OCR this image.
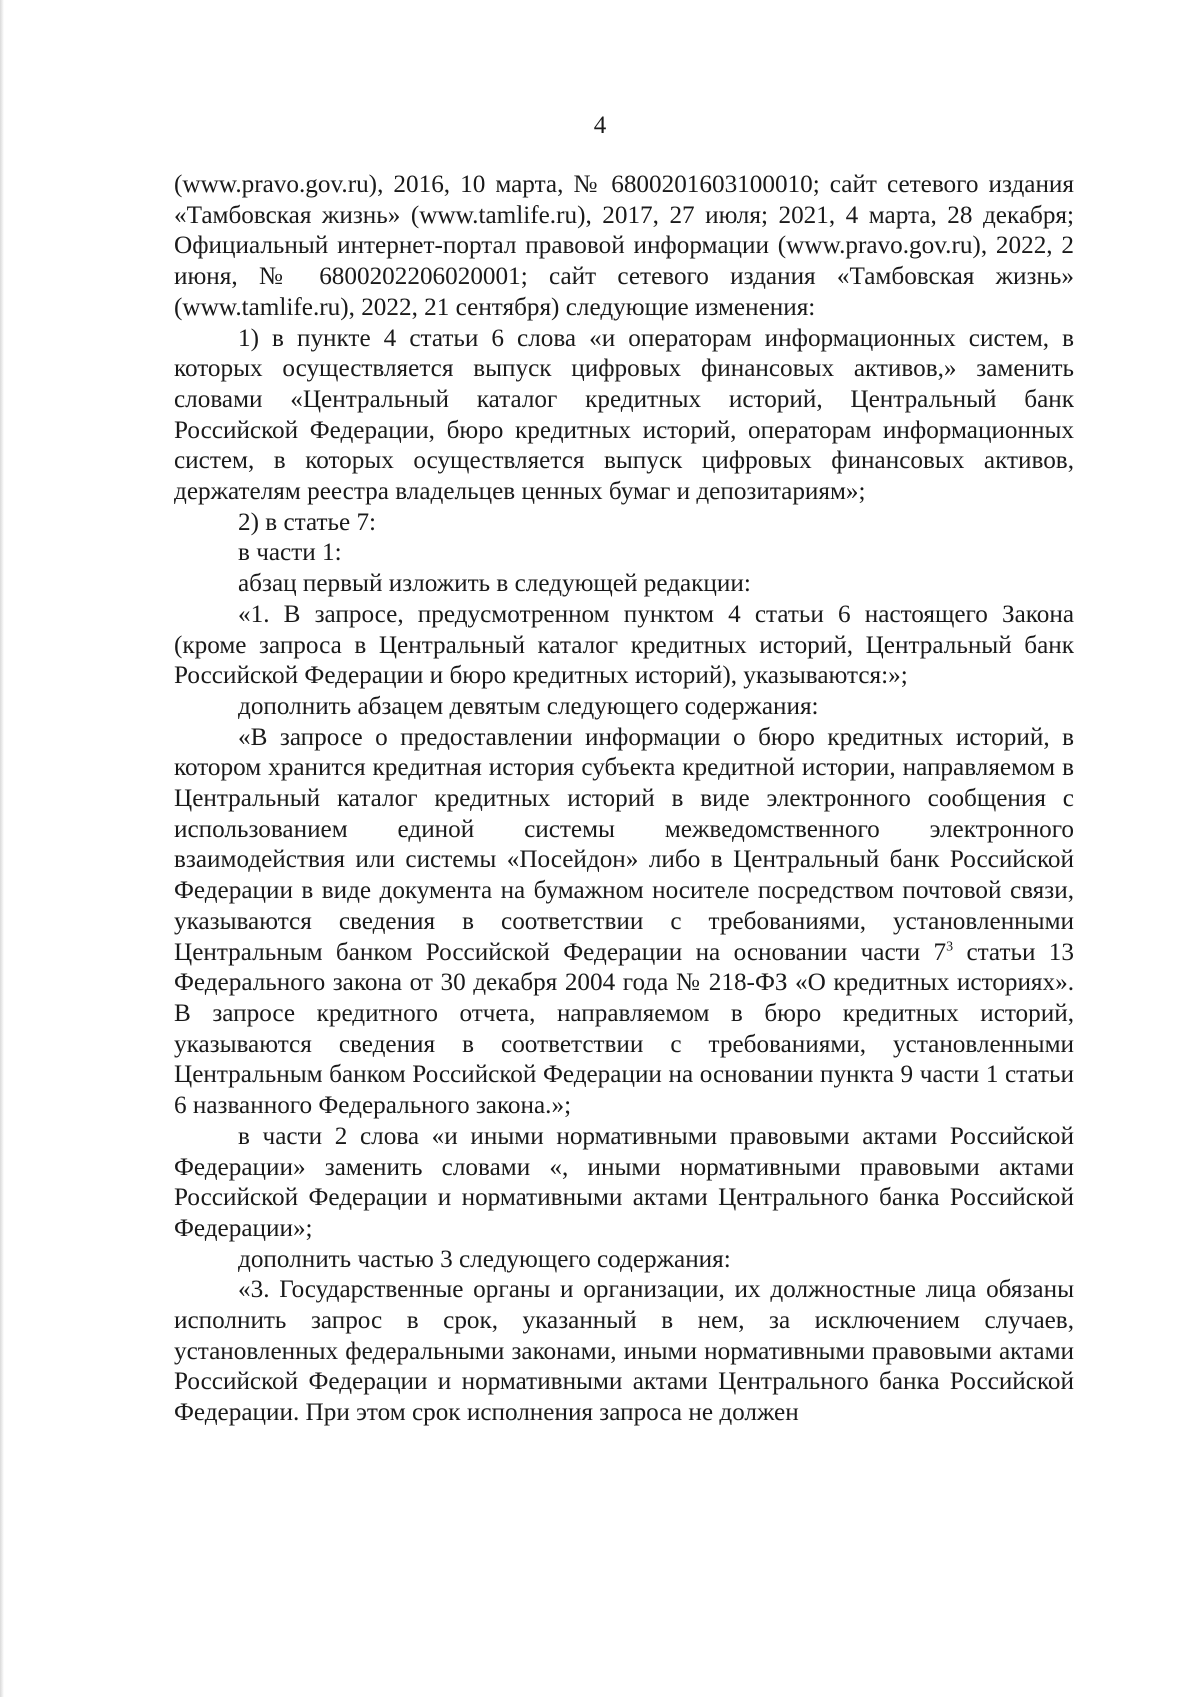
4

(www.pravo.gov.ru), 2016, 10 марта, № 6800201603100010; сайт сетевого издания «Тамбовская жизнь» (www.tamlife.ru), 2017, 27 июля; 2021, 4 марта, 28 декабря; Официальный интернет-портал правовой информации (www.pravo.gov.ru), 2022, 2 июня, № 6800202206020001; сайт сетевого издания «Тамбовская жизнь» (www.tamlife.ru), 2022, 21 сентября) следующие изменения:

1) в пункте 4 статьи 6 слова «и операторам информационных систем, в которых осуществляется выпуск цифровых финансовых активов,» заменить словами «Центральный каталог кредитных историй, Центральный банк Российской Федерации, бюро кредитных историй, операторам информационных систем, в которых осуществляется выпуск цифровых финансовых активов, держателям реестра владельцев ценных бумаг и депозитариям»;

2) в статье 7:

в части 1:

абзац первый изложить в следующей редакции:

«1. В запросе, предусмотренном пунктом 4 статьи 6 настоящего Закона (кроме запроса в Центральный каталог кредитных историй, Центральный банк Российской Федерации и бюро кредитных историй), указываются:»;

дополнить абзацем девятым следующего содержания:

«В запросе о предоставлении информации о бюро кредитных историй, в котором хранится кредитная история субъекта кредитной истории, направляемом в Центральный каталог кредитных историй в виде электронного сообщения с использованием единой системы межведомственного электронного взаимодействия или системы «Посейдон» либо в Центральный банк Российской Федерации в виде документа на бумажном носителе посредством почтовой связи, указываются сведения в соответствии с требованиями, установленными Центральным банком Российской Федерации на основании части $7^3$ статьи 13 Федерального закона от 30 декабря 2004 года № 218-ФЗ «О кредитных историях». В запросе кредитного отчета, направляемом в бюро кредитных историй, указываются сведения в соответствии с требованиями, установленными Центральным банком Российской Федерации на основании пункта 9 части 1 статьи 6 названного Федерального закона.»;

в части 2 слова «и иными нормативными правовыми актами Российской Федерации» заменить словами «, иными нормативными правовыми актами Российской Федерации и нормативными актами Центрального банка Российской Федерации»;

дополнить частью 3 следующего содержания:

«3. Государственные органы и организации, их должностные лица обязаны исполнить запрос в срок, указанный в нем, за исключением случаев, установленных федеральными законами, иными нормативными правовыми актами Российской Федерации и нормативными актами Центрального банка Российской Федерации. При этом срок исполнения запроса не должен
